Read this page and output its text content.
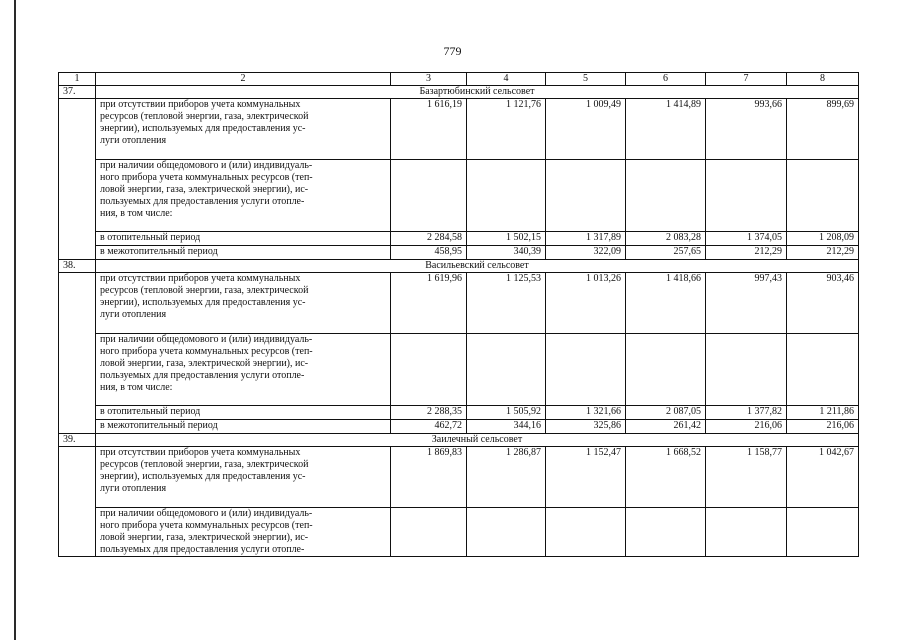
779
1	2	3	4	5	6	7	8
37.	Базартюбинский сельсовет						

	при отсутствии приборов учета коммунальных
ресурсов (тепловой энергии, газа, электрической
энергии), используемых для предоставления ус-
луги отопления	1 616,19	1 121,76	1 009,49	1 414,89	993,66	899,69

	при наличии общедомового и (или) индивидуаль-
ного прибора учета коммунальных ресурсов (теп-
ловой энергии, газа, электрической энергии), ис-
пользуемых для предоставления услуги отопле-
ния, в том числе:						

	в отопительный период	2 284,58	1 502,15	1 317,89	2 083,28	1 374,05	1 208,09
	в межотопительный период	458,95	340,39	322,09	257,65	212,29	212,29
38.	Васильевский сельсовет						

	при отсутствии приборов учета коммунальных
ресурсов (тепловой энергии, газа, электрической
энергии), используемых для предоставления ус-
луги отопления	1 619,96	1 125,53	1 013,26	1 418,66	997,43	903,46

	при наличии общедомового и (или) индивидуаль-
ного прибора учета коммунальных ресурсов (теп-
ловой энергии, газа, электрической энергии), ис-
пользуемых для предоставления услуги отопле-
ния, в том числе:						

	в отопительный период	2 288,35	1 505,92	1 321,66	2 087,05	1 377,82	1 211,86
	в межотопительный период	462,72	344,16	325,86	261,42	216,06	216,06
39.	Заилечный сельсовет						

	при отсутствии приборов учета коммунальных
ресурсов (тепловой энергии, газа, электрической
энергии), используемых для предоставления ус-
луги отопления	1 869,83	1 286,87	1 152,47	1 668,52	1 158,77	1 042,67

	при наличии общедомового и (или) индивидуаль-
ного прибора учета коммунальных ресурсов (теп-
ловой энергии, газа, электрической энергии), ис-
пользуемых для предоставления услуги отопле-						
